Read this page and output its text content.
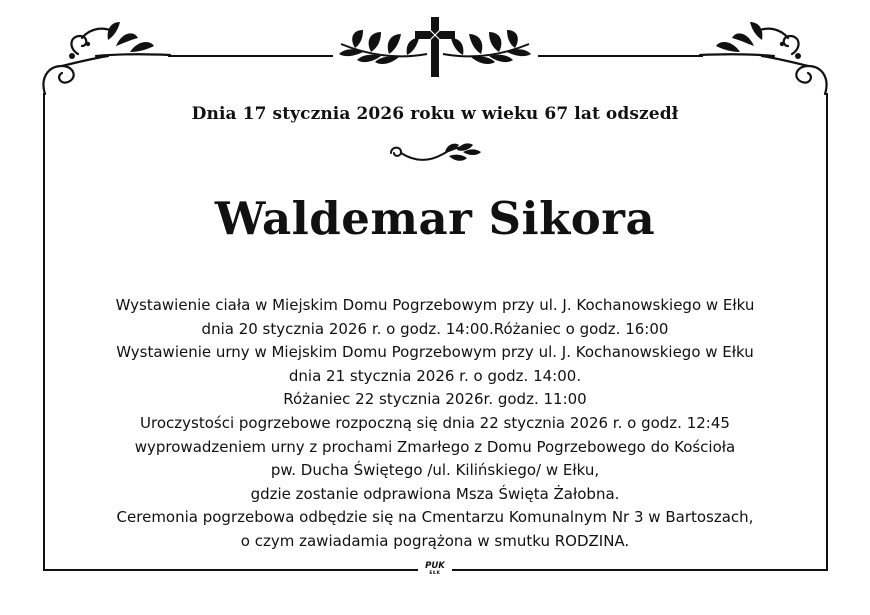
Dnia 17 stycznia 2026 roku w wieku 67 lat odszedł
Waldemar Sikora
Wystawienie ciała w Miejskim Domu Pogrzebowym przy ul. J. Kochanowskiego w Ełku
dnia 20 stycznia 2026 r. o godz. 14:00.Różaniec o godz. 16:00
Wystawienie urny w Miejskim Domu Pogrzebowym przy ul. J. Kochanowskiego w Ełku
dnia 21 stycznia 2026 r. o godz. 14:00.
Różaniec 22 stycznia 2026r. godz. 11:00
Uroczystości pogrzebowe rozpoczną się dnia 22 stycznia 2026 r. o godz. 12:45
wyprowadzeniem urny z prochami Zmarłego z Domu Pogrzebowego do Kościoła
pw. Ducha Świętego /ul. Kilińskiego/ w Ełku,
gdzie zostanie odprawiona Msza Święta Żałobna.
Ceremonia pogrzebowa odbędzie się na Cmentarzu Komunalnym Nr 3 w Bartoszach,
o czym zawiadamia pogrążona w smutku RODZINA.
PUK
EŁK
